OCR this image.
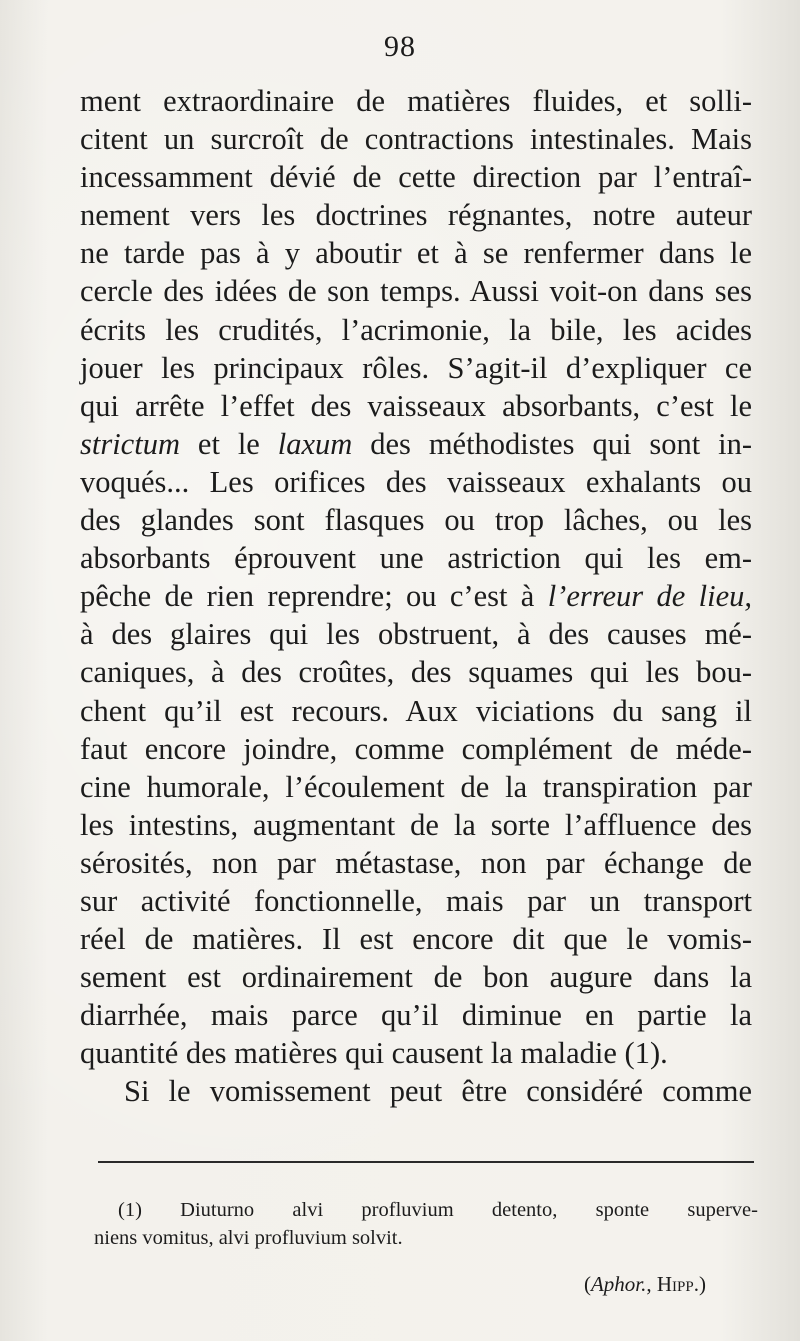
98
ment extraordinaire de matières fluides, et solli-
citent un surcroît de contractions intestinales. Mais
incessamment dévié de cette direction par l’entraî-
nement vers les doctrines régnantes, notre auteur
ne tarde pas à y aboutir et à se renfermer dans le
cercle des idées de son temps. Aussi voit-on dans ses
écrits les crudités, l’acrimonie, la bile, les acides
jouer les principaux rôles. S’agit-il d’expliquer ce
qui arrête l’effet des vaisseaux absorbants, c’est le
strictum et le laxum des méthodistes qui sont in-
voqués... Les orifices des vaisseaux exhalants ou
des glandes sont flasques ou trop lâches, ou les
absorbants éprouvent une astriction qui les em-
pêche de rien reprendre; ou c’est à l’erreur de lieu,
à des glaires qui les obstruent, à des causes mé-
caniques, à des croûtes, des squames qui les bou-
chent qu’il est recours. Aux viciations du sang il
faut encore joindre, comme complément de méde-
cine humorale, l’écoulement de la transpiration par
les intestins, augmentant de la sorte l’affluence des
sérosités, non par métastase, non par échange de
sur activité fonctionnelle, mais par un transport
réel de matières. Il est encore dit que le vomis-
sement est ordinairement de bon augure dans la
diarrhée, mais parce qu’il diminue en partie la
quantité des matières qui causent la maladie (1).
Si le vomissement peut être considéré comme
(1) Diuturno alvi profluvium detento, sponte superve-
niens vomitus, alvi profluvium solvit.
(Aphor., Hipp.)
